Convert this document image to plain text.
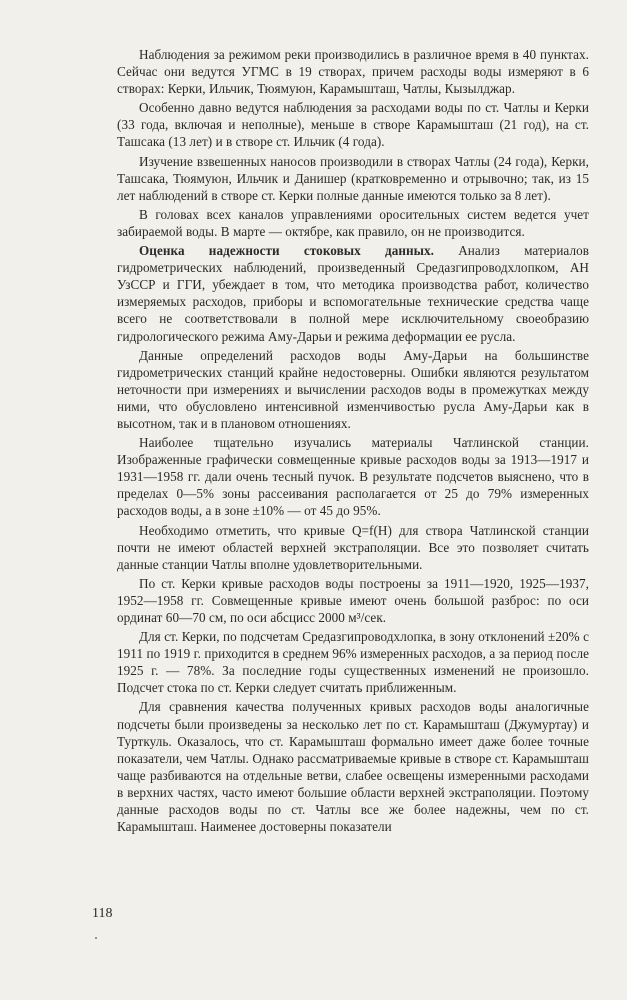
Наблюдения за режимом реки производились в различное время в 40 пунктах. Сейчас они ведутся УГМС в 19 створах, причем расходы воды измеряют в 6 створах: Керки, Ильчик, Тюямуюн, Карамышташ, Чатлы, Кызылджар.

Особенно давно ведутся наблюдения за расходами воды по ст. Чатлы и Керки (33 года, включая и неполные), меньше в створе Карамышташ (21 год), на ст. Ташсака (13 лет) и в створе ст. Ильчик (4 года).

Изучение взвешенных наносов производили в створах Чатлы (24 года), Керки, Ташсака, Тюямуюн, Ильчик и Данишер (кратковременно и отрывочно; так, из 15 лет наблюдений в створе ст. Керки полные данные имеются только за 8 лет).

В головах всех каналов управлениями оросительных систем ведется учет забираемой воды. В марте — октябре, как правило, он не производится.

Оценка надежности стоковых данных. Анализ материалов гидрометрических наблюдений, произведенный Средазгипроводхлопком, АН УзССР и ГГИ, убеждает в том, что методика производства работ, количество измеряемых расходов, приборы и вспомогательные технические средства чаще всего не соответствовали в полной мере исключительному своеобразию гидрологического режима Аму-Дарьи и режима деформации ее русла.

Данные определений расходов воды Аму-Дарьи на большинстве гидрометрических станций крайне недостоверны. Ошибки являются результатом неточности при измерениях и вычислении расходов воды в промежутках между ними, что обусловлено интенсивной изменчивостью русла Аму-Дарьи как в высотном, так и в плановом отношениях.

Наиболее тщательно изучались материалы Чатлинской станции. Изображенные графически совмещенные кривые расходов воды за 1913—1917 и 1931—1958 гг. дали очень тесный пучок. В результате подсчетов выяснено, что в пределах 0—5% зоны рассеивания располагается от 25 до 79% измеренных расходов воды, а в зоне ±10% — от 45 до 95%.

Необходимо отметить, что кривые Q=f(H) для створа Чатлинской станции почти не имеют областей верхней экстраполяции. Все это позволяет считать данные станции Чатлы вполне удовлетворительными.

По ст. Керки кривые расходов воды построены за 1911—1920, 1925—1937, 1952—1958 гг. Совмещенные кривые имеют очень большой разброс: по оси ординат 60—70 см, по оси абсцисс 2000 м³/сек.

Для ст. Керки, по подсчетам Средазгипроводхлопка, в зону отклонений ±20% с 1911 по 1919 г. приходится в среднем 96% измеренных расходов, а за период после 1925 г. — 78%. За последние годы существенных изменений не произошло. Подсчет стока по ст. Керки следует считать приближенным.

Для сравнения качества полученных кривых расходов воды аналогичные подсчеты были произведены за несколько лет по ст. Карамышташ (Джумуртау) и Турткуль. Оказалось, что ст. Карамышташ формально имеет даже более точные показатели, чем Чатлы. Однако рассматриваемые кривые в створе ст. Карамышташ чаще разбиваются на отдельные ветви, слабее освещены измеренными расходами в верхних частях, часто имеют большие области верхней экстраполяции. Поэтому данные расходов воды по ст. Чатлы все же более надежны, чем по ст. Карамышташ. Наименее достоверны показатели

118
